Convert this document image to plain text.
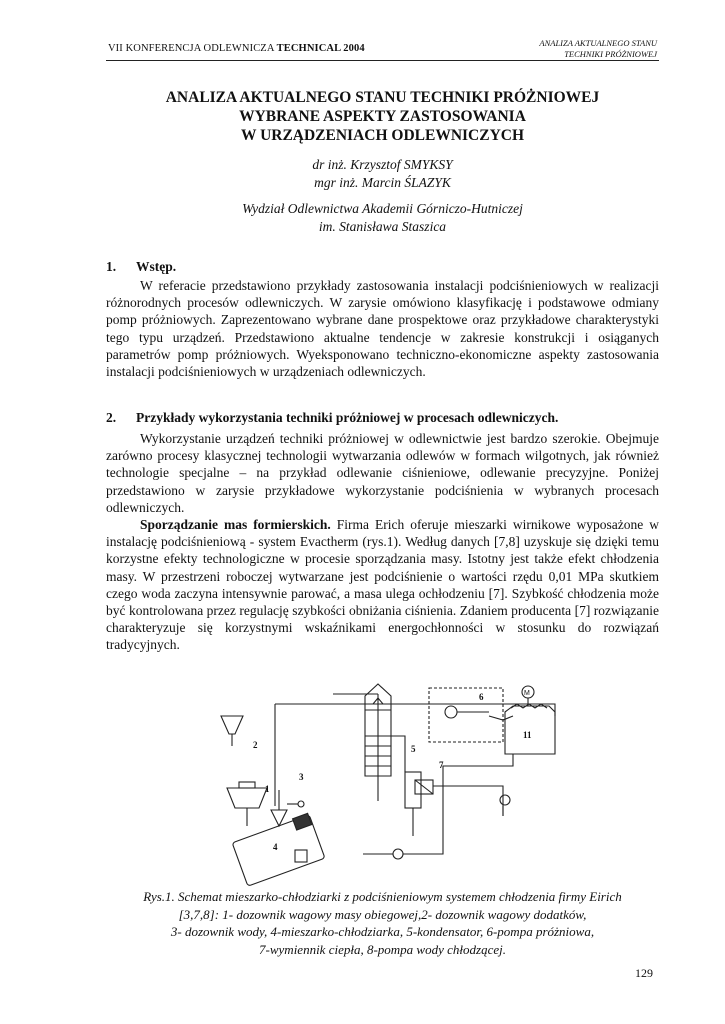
VII KONFERENCJA ODLEWNICZA TECHNICAL 2004	ANALIZA AKTUALNEGO STANU
TECHNIKI PRÓŻNIOWEJ
ANALIZA AKTUALNEGO STANU TECHNIKI PRÓŻNIOWEJ
WYBRANE ASPEKTY ZASTOSOWANIA
W URZĄDZENIACH ODLEWNICZYCH
dr inż. Krzysztof SMYKSY
mgr inż. Marcin ŚLAZYK
Wydział Odlewnictwa Akademii Górniczo-Hutniczej
im. Stanisława Staszica
1. Wstęp.

W referacie przedstawiono przykłady zastosowania instalacji podciśnieniowych w realizacji różnorodnych procesów odlewniczych. W zarysie omówiono klasyfikację i podstawowe odmiany pomp próżniowych. Zaprezentowano wybrane dane prospektowe oraz przykładowe charakterystyki tego typu urządzeń. Przedstawiono aktualne tendencje w zakresie konstrukcji i osiąganych parametrów pomp próżniowych. Wyeksponowano techniczno-ekonomiczne aspekty zastosowania instalacji podciśnieniowych w urządzeniach odlewniczych.

2. Przykłady wykorzystania techniki próżniowej w procesach odlewniczych.

Wykorzystanie urządzeń techniki próżniowej w odlewnictwie jest bardzo szerokie. Obejmuje zarówno procesy klasycznej technologii wytwarzania odlewów w formach wilgotnych, jak również technologie specjalne – na przykład odlewanie ciśnieniowe, odlewanie precyzyjne. Poniżej przedstawiono w zarysie przykładowe wykorzystanie podciśnienia w wybranych procesach odlewniczych.

Sporządzanie mas formierskich. Firma Erich oferuje mieszarki wirnikowe wyposażone w instalację podciśnieniową - system Evactherm (rys.1). Według danych [7,8] uzyskuje się dzięki temu korzystne efekty technologiczne w procesie sporządzania masy. Istotny jest także efekt chłodzenia masy. W przestrzeni roboczej wytwarzane jest podciśnienie o wartości rzędu 0,01 MPa skutkiem czego woda zaczyna intensywnie parować, a masa ulega ochłodzeniu [7]. Szybkość chłodzenia może być kontrolowana przez regulację szybkości obniżania ciśnienia. Zdaniem producenta [7] rozwiązanie charakteryzuje się korzystnymi wskaźnikami energochłonności w stosunku do rozwiązań tradycyjnych.

1
2
3
4
5
6
7
11
M
Rys.1. Schemat mieszarko-chłodziarki z podciśnieniowym systemem chłodzenia firmy Eirich
[3,7,8]: 1- dozownik wagowy masy obiegowej,2- dozownik wagowy dodatków,
3- dozownik wody, 4-mieszarko-chłodziarka, 5-kondensator, 6-pompa próżniowa,
7-wymiennik ciepła, 8-pompa wody chłodzącej.
129
